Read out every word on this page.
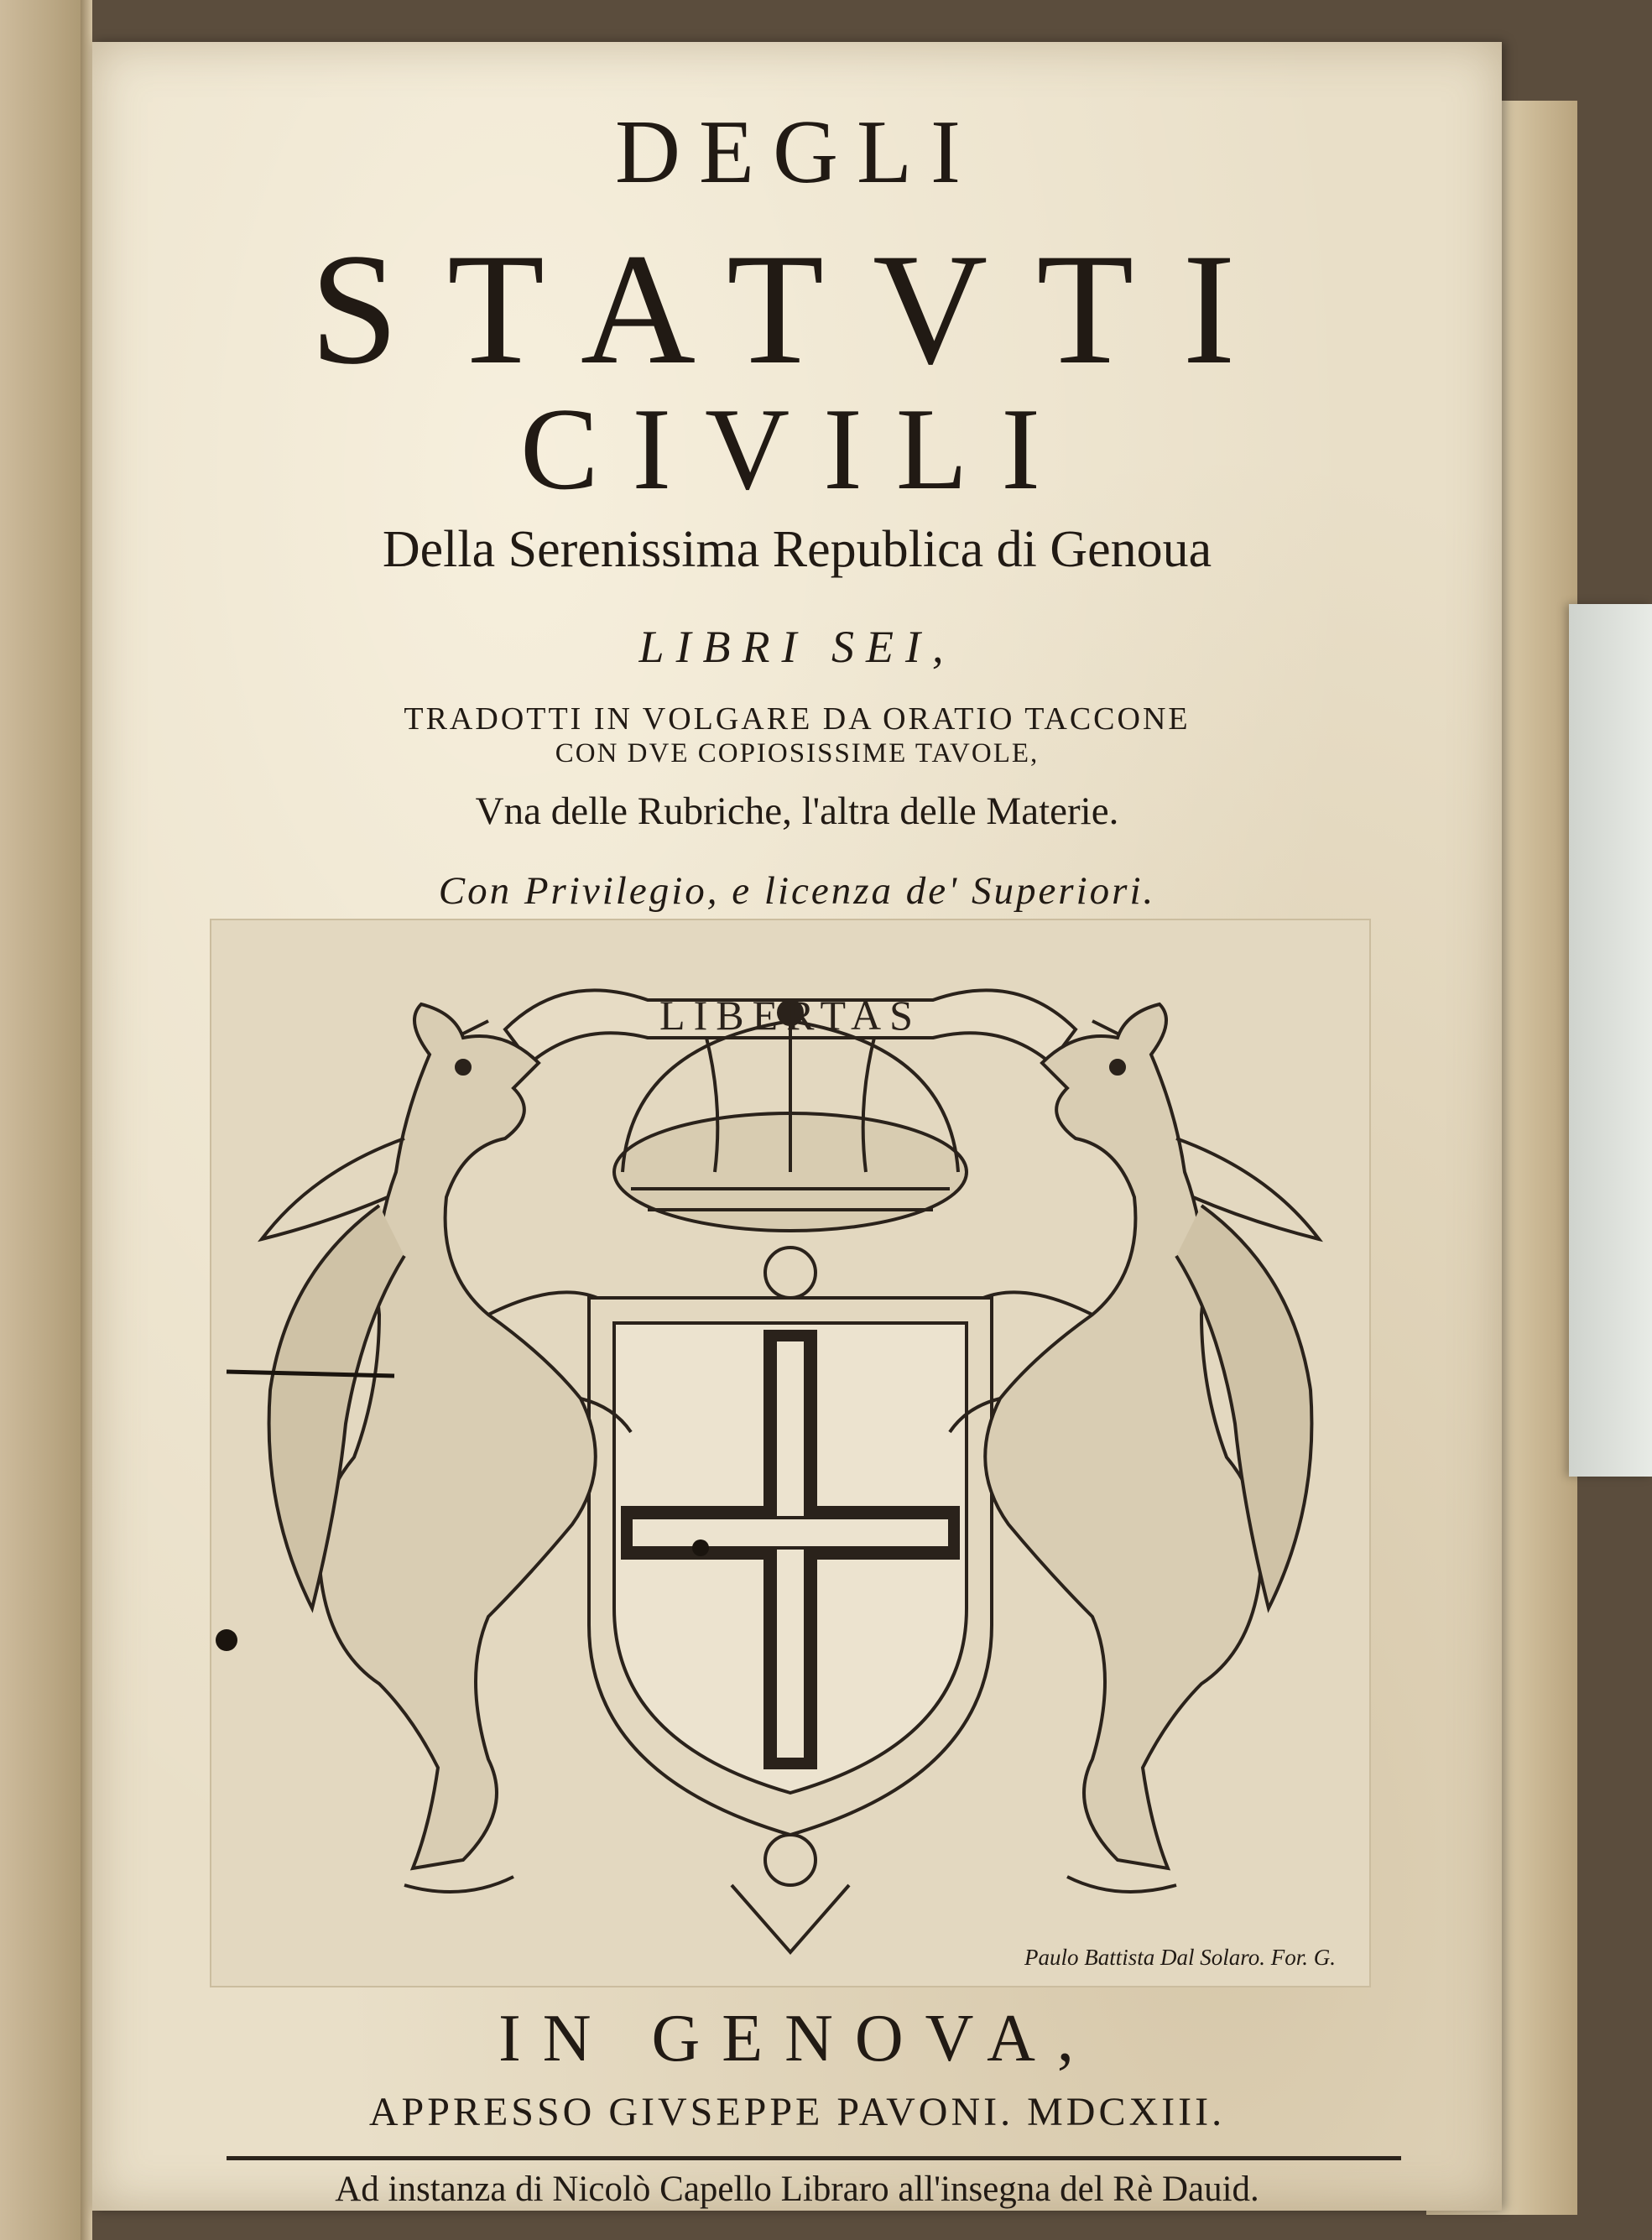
DEGLI
STATVTI
CIVILI
Della Serenissima Republica di Genoua
LIBRI SEI,
TRADOTTI IN VOLGARE DA ORATIO TACCONE
CON DVE COPIOSISSIME TAVOLE,
Vna delle Rubriche, l'altra delle Materie.
Con Privilegio, e licenza de' Superiori.
LIBERTAS
Paulo Battista Dal Solaro. For. G.
IN GENOVA,
APPRESSO GIVSEPPE PAVONI. MDCXIII.
Ad instanza di Nicolò Capello Libraro all'insegna del Rè Dauid.
